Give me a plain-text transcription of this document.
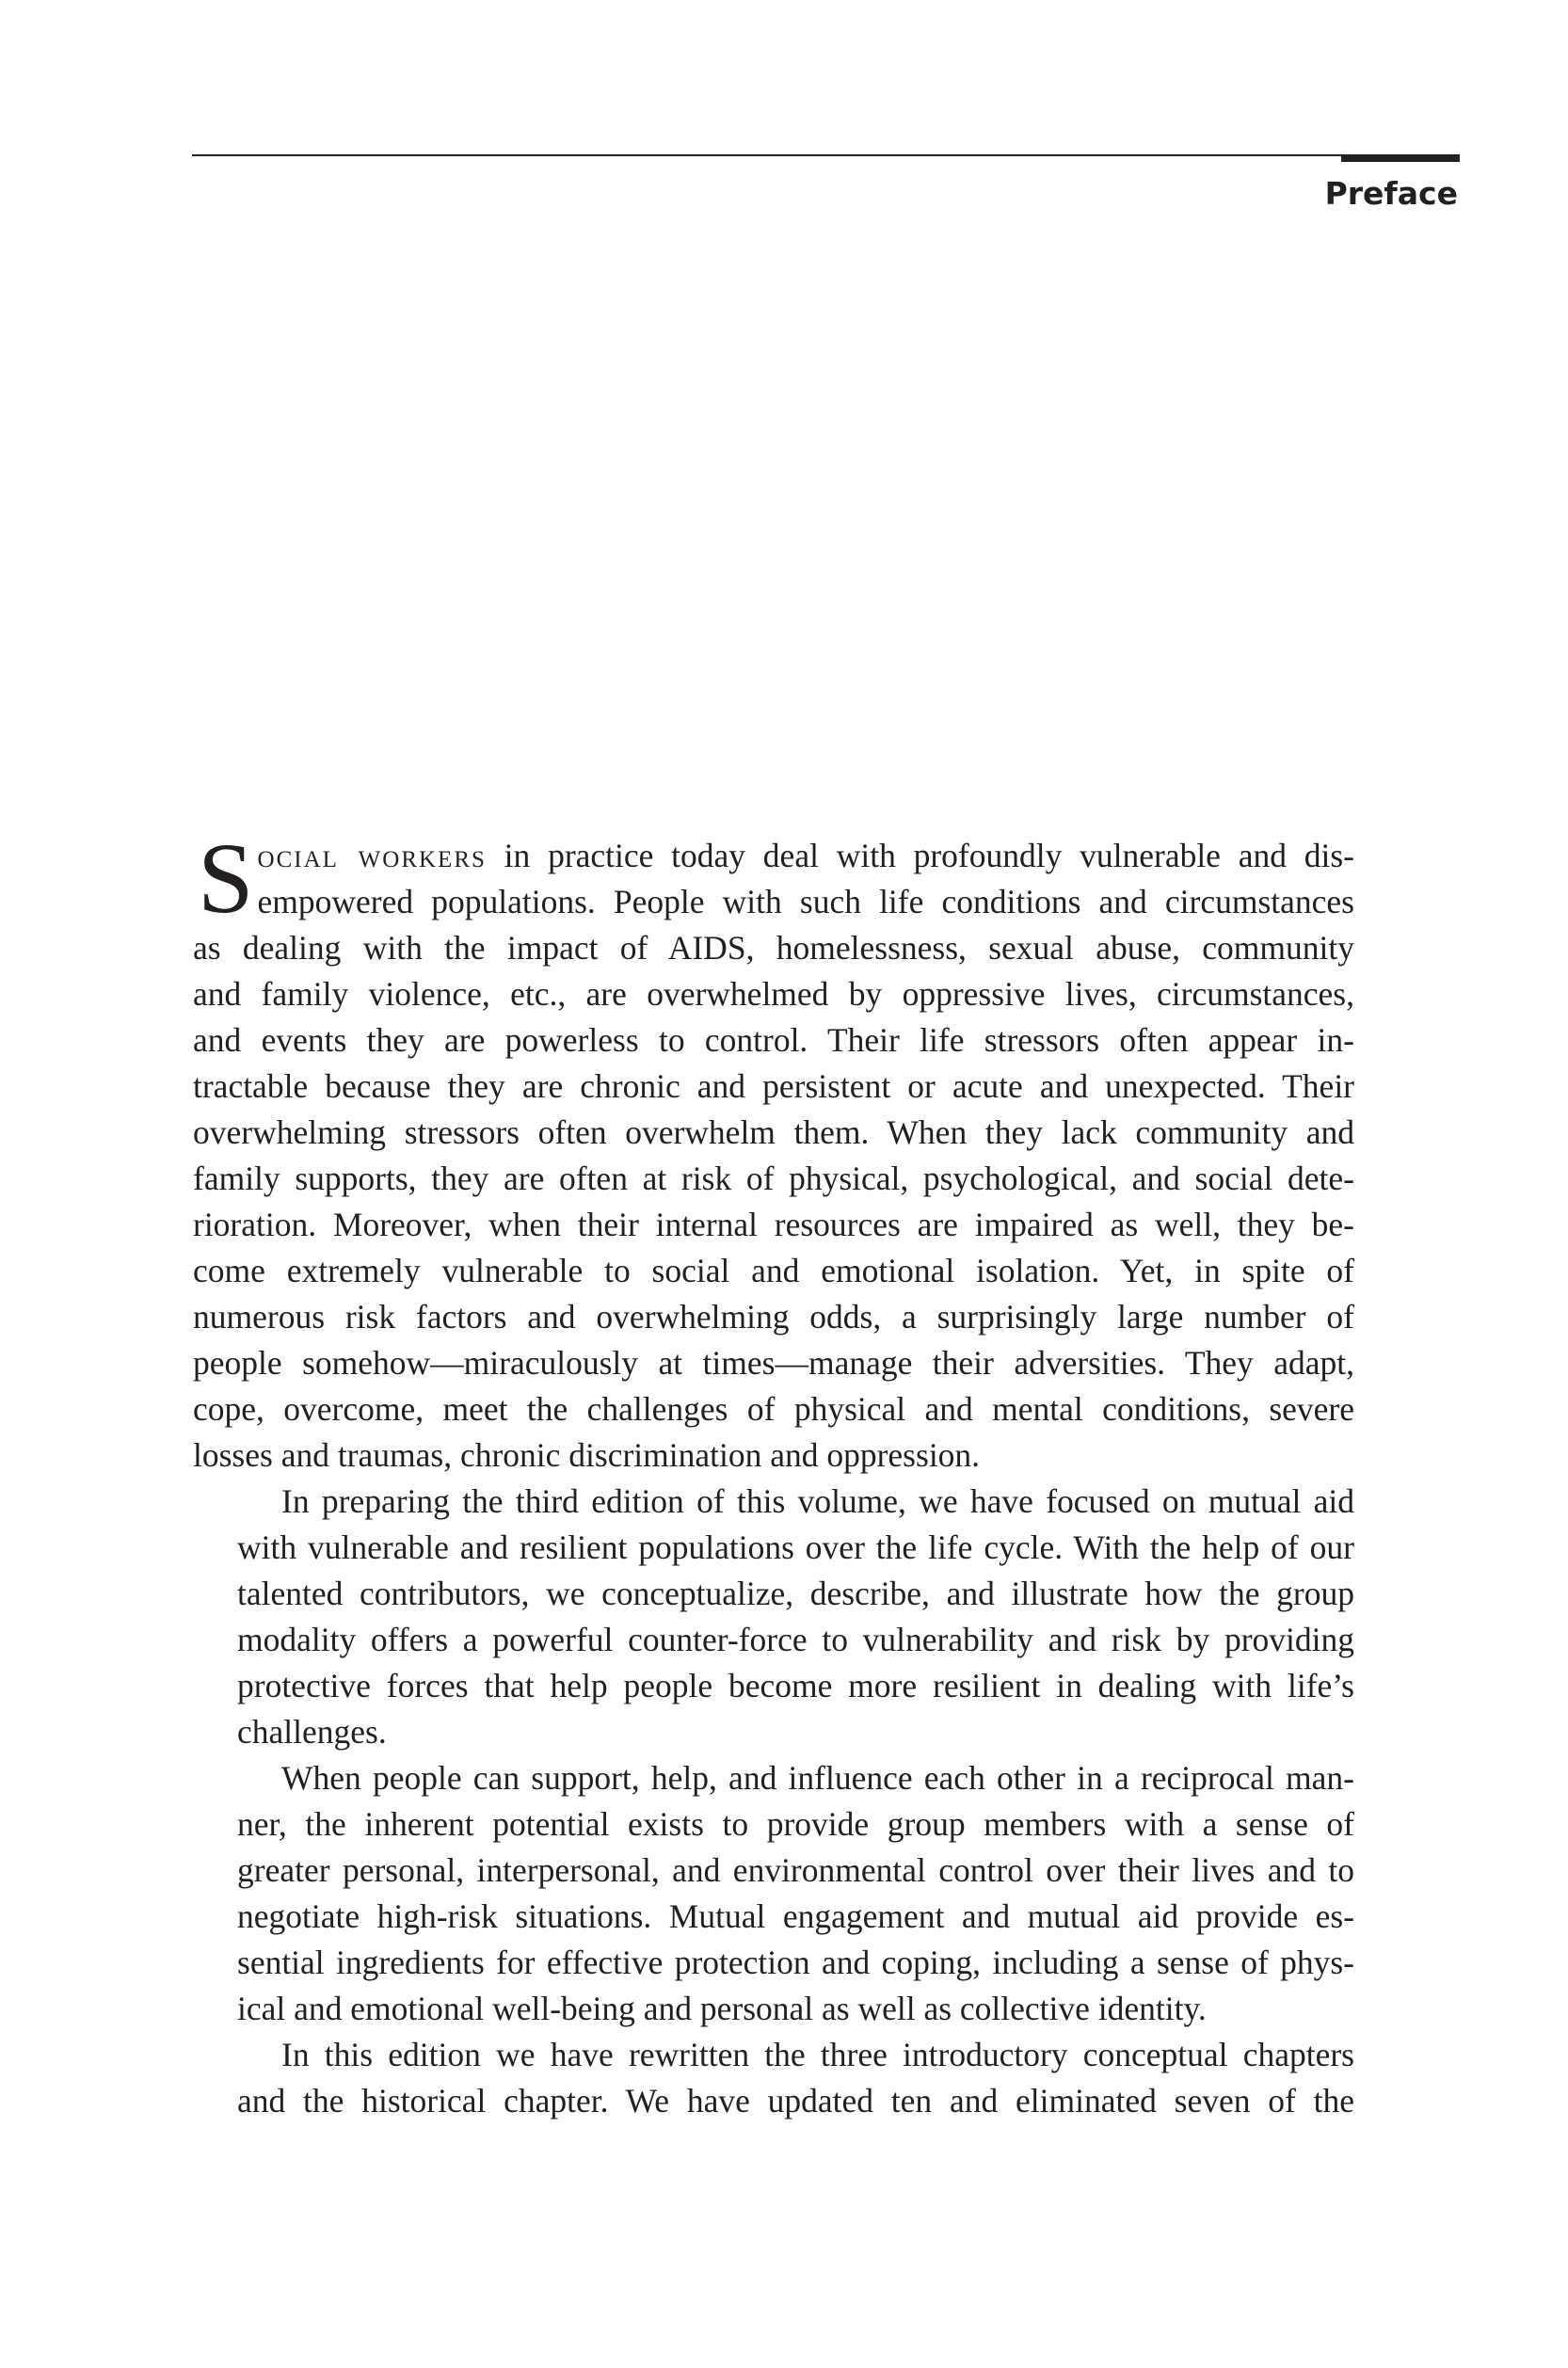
Preface

S ocial workers in practice today deal with profoundly vulnerable and dis-
empowered populations. People with such life conditions and circumstances
as dealing with the impact of AIDS, homelessness, sexual abuse, community
and family violence, etc., are overwhelmed by oppressive lives, circumstances,
and events they are powerless to control. Their life stressors often appear in-
tractable because they are chronic and persistent or acute and unexpected. Their
overwhelming stressors often overwhelm them. When they lack community and
family supports, they are often at risk of physical, psychological, and social dete-
rioration. Moreover, when their internal resources are impaired as well, they be-
come extremely vulnerable to social and emotional isolation. Yet, in spite of
numerous risk factors and overwhelming odds, a surprisingly large number of
people somehow—miraculously at times—manage their adversities. They adapt,
cope, overcome, meet the challenges of physical and mental conditions, severe
losses and traumas, chronic discrimination and oppression.

In preparing the third edition of this volume, we have focused on mutual aid
with vulnerable and resilient populations over the life cycle. With the help of our
talented contributors, we conceptualize, describe, and illustrate how the group
modality offers a powerful counter-force to vulnerability and risk by providing
protective forces that help people become more resilient in dealing with life’s
challenges.

When people can support, help, and influence each other in a reciprocal man-
ner, the inherent potential exists to provide group members with a sense of
greater personal, interpersonal, and environmental control over their lives and to
negotiate high-risk situations. Mutual engagement and mutual aid provide es-
sential ingredients for effective protection and coping, including a sense of phys-
ical and emotional well-being and personal as well as collective identity.

In this edition we have rewritten the three introductory conceptual chapters
and the historical chapter. We have updated ten and eliminated seven of the
